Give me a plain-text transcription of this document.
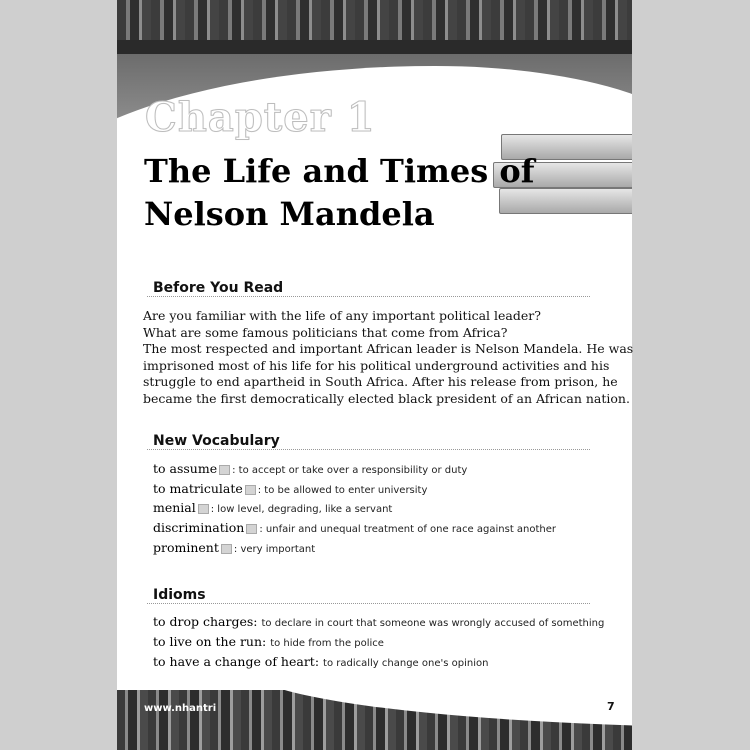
Chapter 1
The Life and Times of
Nelson Mandela
Before You Read
Are you familiar with the life of any important political leader?
What are some famous politicians that come from Africa?
The most respected and important African leader is Nelson Mandela. He was
imprisoned most of his life for his political underground activities and his
struggle to end apartheid in South Africa. After his release from prison, he
became the first democratically elected black president of an African nation.
New Vocabulary
to assume : to accept or take over a responsibility or duty
to matriculate : to be allowed to enter university
menial : low level, degrading, like a servant
discrimination : unfair and unequal treatment of one race against another
prominent : very important
Idioms
to drop charges: to declare in court that someone was wrongly accused of something
to live on the run: to hide from the police
to have a change of heart: to radically change one's opinion
www.nhantri	7
